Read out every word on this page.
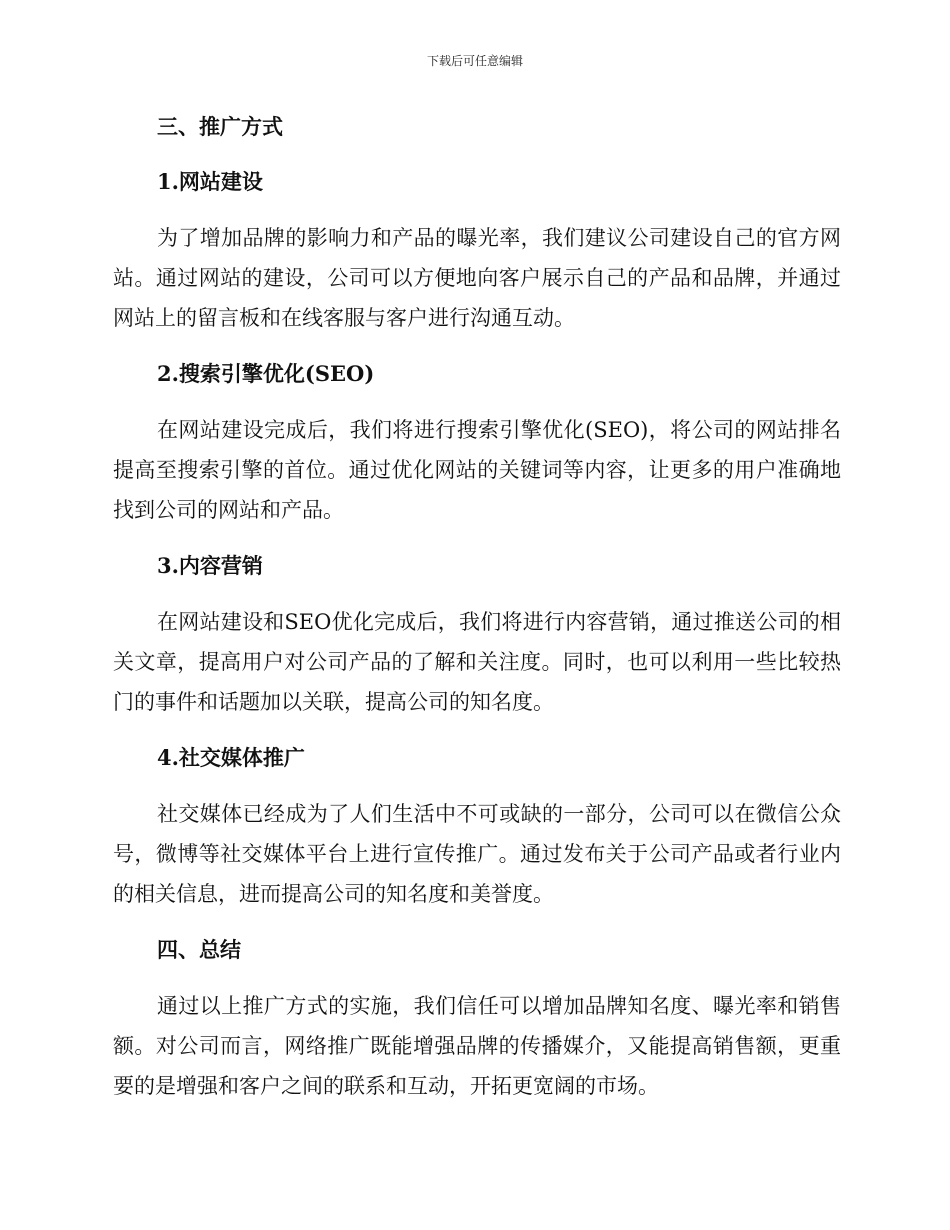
下载后可任意编辑
三、推广方式
1.网站建设

为了增加品牌的影响力和产品的曝光率，我们建议公司建设自己的官方网站。通过网站的建设，公司可以方便地向客户展示自己的产品和品牌，并通过网站上的留言板和在线客服与客户进行沟通互动。

2.搜索引擎优化(SEO)

在网站建设完成后，我们将进行搜索引擎优化(SEO)，将公司的网站排名提高至搜索引擎的首位。通过优化网站的关键词等内容，让更多的用户准确地找到公司的网站和产品。

3.内容营销

在网站建设和SEO优化完成后，我们将进行内容营销，通过推送公司的相关文章，提高用户对公司产品的了解和关注度。同时，也可以利用一些比较热门的事件和话题加以关联，提高公司的知名度。

4.社交媒体推广

社交媒体已经成为了人们生活中不可或缺的一部分，公司可以在微信公众号，微博等社交媒体平台上进行宣传推广。通过发布关于公司产品或者行业内的相关信息，进而提高公司的知名度和美誉度。

四、总结

通过以上推广方式的实施，我们信任可以增加品牌知名度、曝光率和销售额。对公司而言，网络推广既能增强品牌的传播媒介，又能提高销售额，更重要的是增强和客户之间的联系和互动，开拓更宽阔的市场。
